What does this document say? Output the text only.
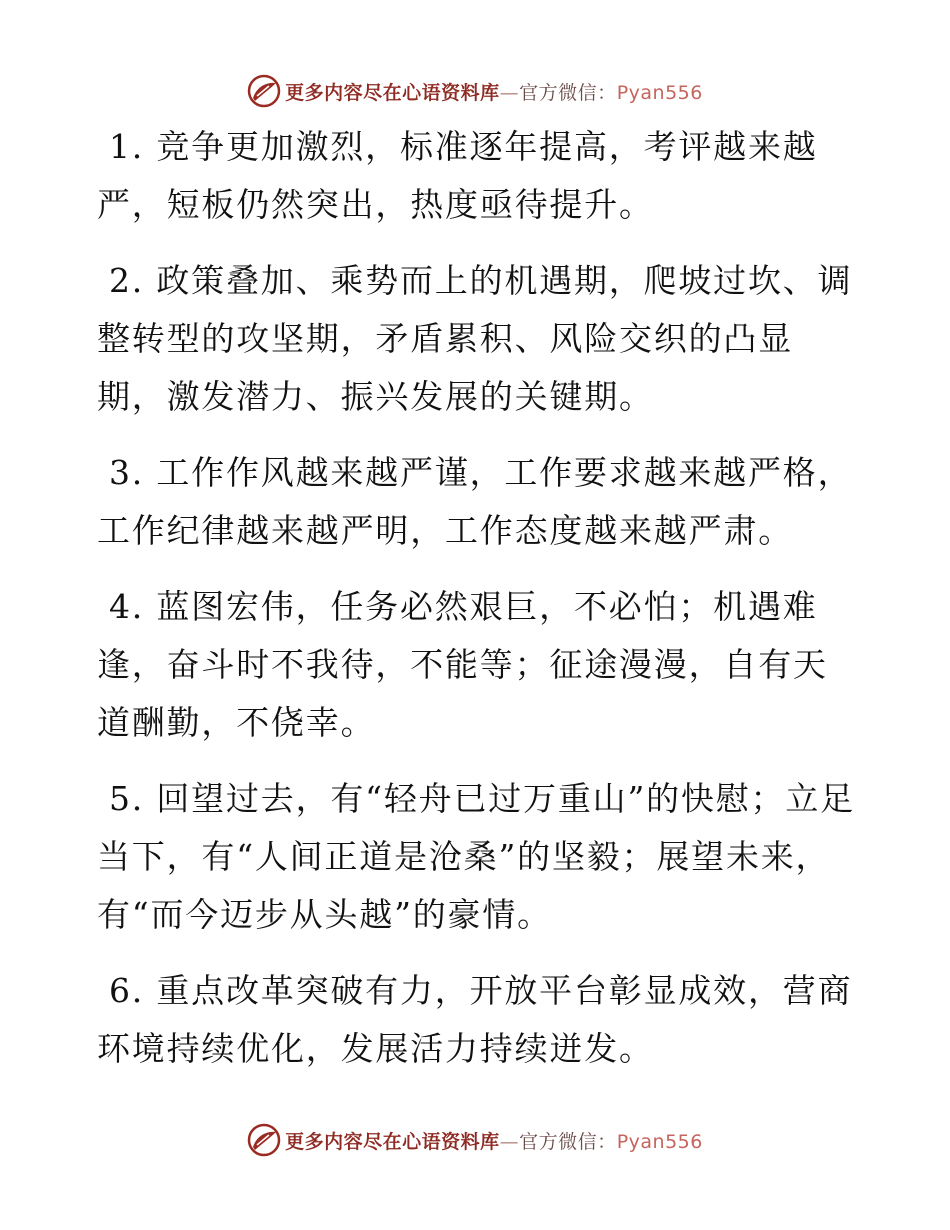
更多内容尽在心语资料库—官方微信：Pyan556

1. 竞争更加激烈，标准逐年提高，考评越来越严，短板仍然突出，热度亟待提升。

2. 政策叠加、乘势而上的机遇期，爬坡过坎、调整转型的攻坚期，矛盾累积、风险交织的凸显期，激发潜力、振兴发展的关键期。

3. 工作作风越来越严谨，工作要求越来越严格，工作纪律越来越严明，工作态度越来越严肃。

4. 蓝图宏伟，任务必然艰巨，不必怕；机遇难逢，奋斗时不我待，不能等；征途漫漫，自有天道酬勤，不侥幸。

5. 回望过去，有“轻舟已过万重山”的快慰；立足当下，有“人间正道是沧桑”的坚毅；展望未来，有“而今迈步从头越”的豪情。

6. 重点改革突破有力，开放平台彰显成效，营商环境持续优化，发展活力持续迸发。

更多内容尽在心语资料库—官方微信：Pyan556
